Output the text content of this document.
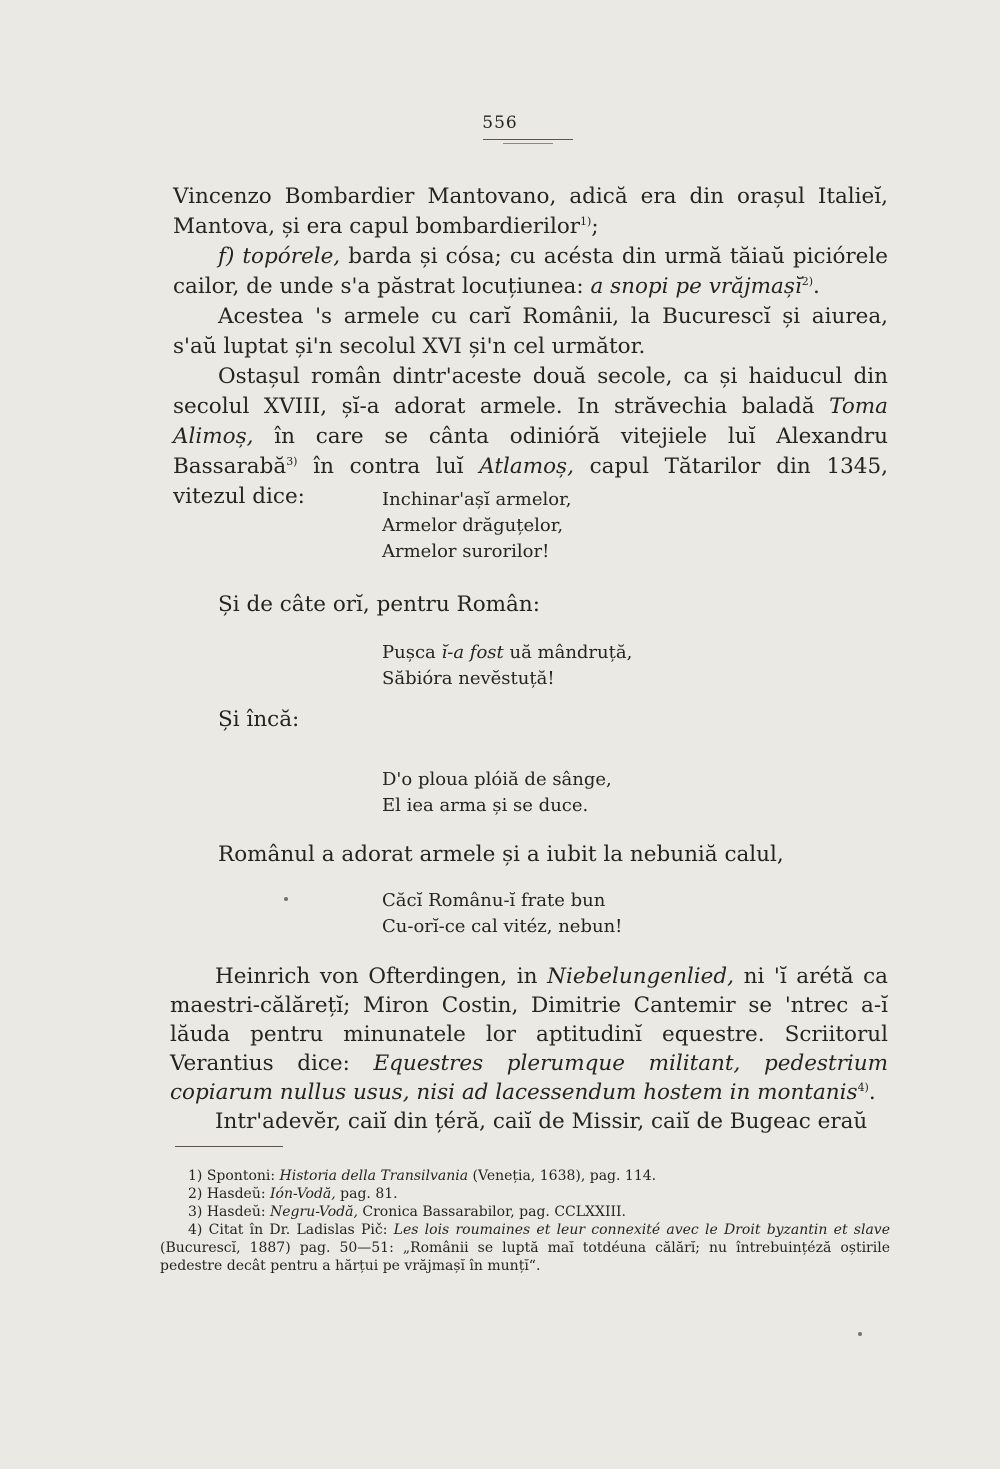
556

Vincenzo Bombardier Mantovano, adică era din orașul Italieĭ, Mantova, și era capul bombardierilor$^{1)}$;

f) topórele, barda și cósa; cu acésta din urmă tăiaŭ piciórele cailor, de unde s'a păstrat locuțiunea: a snopi pe vrăjmașĭ$^{2)}$.

Acestea 's armele cu carĭ Românii, la Bucurescĭ și aiurea, s'aŭ luptat și'n secolul XVI și'n cel următor.

Ostașul român dintr'aceste două secole, ca și haiducul din secolul XVIII, șĭ-a adorat armele. In străvechia baladă Toma Alimoș, în care se cânta odinióră vitejiele luĭ Alexandru Bassarabă$^{3)}$ în contra luĭ Atlamoș, capul Tătarilor din 1345, vitezul dice:	Inchinar'așĭ armelor,
Armelor drăguțelor,
Armelor surorilor!
Și de câte orĭ, pentru Român:
Pușca ĭ-a fost uă mândruță,
Săbióra nevĕstuță!
Și încă:
D'o ploua plóiă de sânge,
El iea arma și se duce.
Românul a adorat armele și a iubit la nebuniă calul,
Căcĭ Românu-ĭ frate bun
Cu-orĭ-ce cal vitéz, nebun!

Heinrich von Ofterdingen, in Niebelungenlied, ni 'ĭ arétă ca maestri-călărețĭ; Miron Costin, Dimitrie Cantemir se 'ntrec a-ĭ lăuda pentru minunatele lor aptitudinĭ equestre. Scriitorul Verantius dice: Equestres plerumque militant, pedestrium copiarum nullus usus, nisi ad lacessendum hostem in montanis$^{4)}$.

Intr'adevĕr, caiĭ din țéră, caiĭ de Missir, caiĭ de Bugeac eraŭ

1) Spontoni: Historia della Transilvania (Veneția, 1638), pag. 114.

2) Hasdeŭ: Ión-Vodă, pag. 81.

3) Hasdeŭ: Negru-Vodă, Cronica Bassarabilor, pag. CCLXXIII.

4) Citat în Dr. Ladislas Pič: Les lois roumaines et leur connexité avec le Droit byzantin et slave (Bucurescĭ, 1887) pag. 50—51: „Românii se luptă maĭ totdéuna călărĭ; nu întrebuințéză oștirile pedestre decât pentru a hărțui pe vrăjmașĭ în munțĭ“.
